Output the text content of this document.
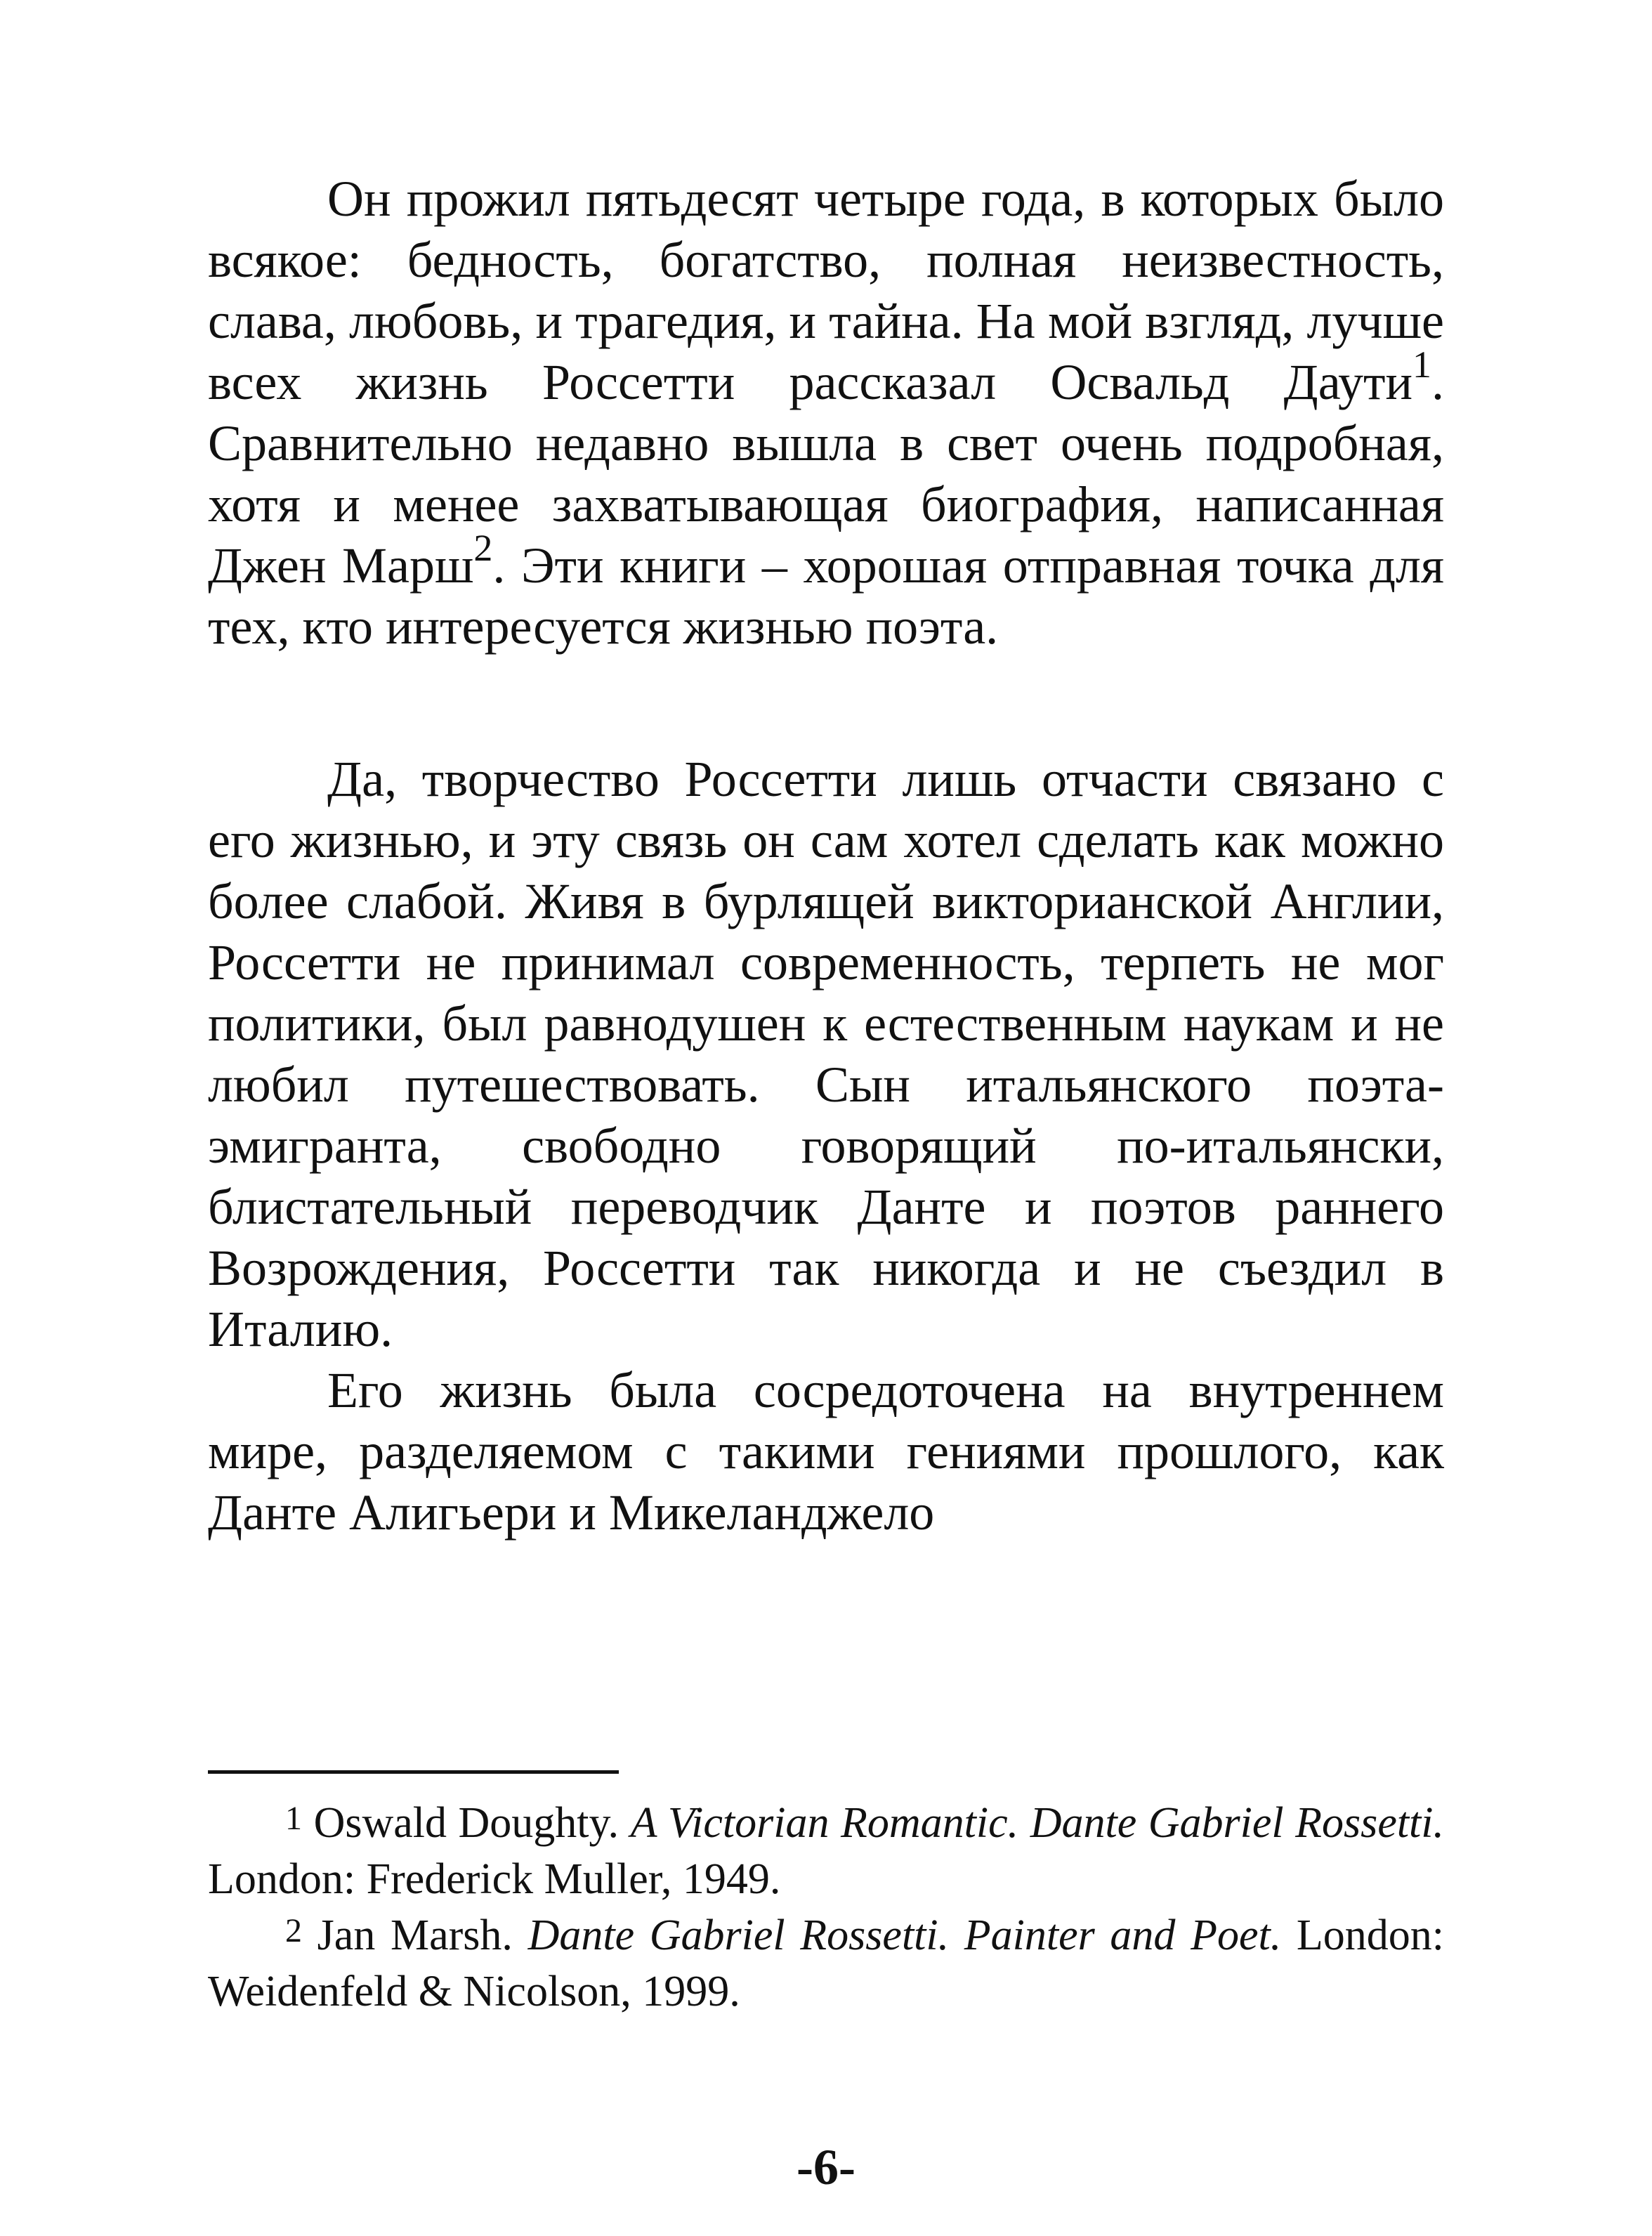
Он прожил пятьдесят четыре года, в которых было всякое: бедность, богатство, полная неизвестность, слава, любовь, и трагедия, и тайна. На мой взгляд, лучше всех жизнь Россетти рассказал Освальд Даути$^1$. Сравнительно недавно вышла в свет очень подробная, хотя и менее захватывающая биография, написанная Джен Марш$^2$. Эти книги – хорошая отправная точка для тех, кто интересуется жизнью поэта.

Да, творчество Россетти лишь отчасти связано с его жизнью, и эту связь он сам хотел сделать как можно более слабой. Живя в бурлящей викторианской Англии, Россетти не принимал современность, терпеть не мог политики, был равнодушен к естественным наукам и не любил путешествовать. Сын итальянского поэта-эмигранта, свободно говорящий по-итальянски, блистательный переводчик Данте и поэтов раннего Возрождения, Россетти так никогда и не съездил в Италию.

Его жизнь была сосредоточена на внутреннем мире, разделяемом с такими гениями прошлого, как Данте Алигьери и Микеланджело

$^1$ Oswald Doughty. A Victorian Romantic. Dante Gabriel Rossetti. London: Frederick Muller, 1949.

$^2$ Jan Marsh. Dante Gabriel Rossetti. Painter and Poet. London: Weidenfeld & Nicolson, 1999.

-6-
